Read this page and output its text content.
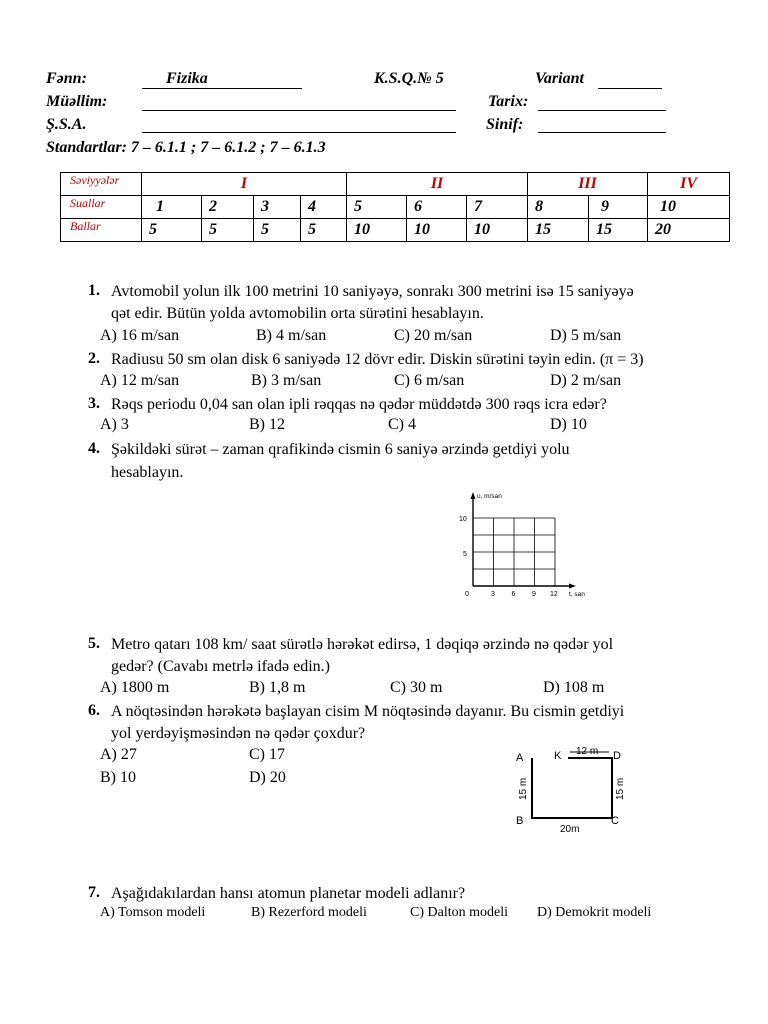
Fənn:	Fizika	K.S.Q.№ 5	Variant
Müəllim:	Tarix:
Ş.S.A.	Sinif:
Standartlar: 7 – 6.1.1 ; 7 – 6.1.2 ; 7 – 6.1.3
Səviyyələr	I				II			III		IV
Suallar	1	2	3	4	5	6	7	8	9	10
Ballar	5	5	5	5	10	10	10	15	15	20
1. Avtomobil yolun ilk 100 metrini 10 saniyəyə, sonrakı 300 metrini isə 15 saniyəyə
qət edir. Bütün yolda avtomobilin orta sürətini hesablayın.
A) 16 m/san	B) 4 m/san	C) 20 m/san	D) 5 m/san
2. Radiusu 50 sm olan disk 6 saniyədə 12 dövr edir. Diskin sürətini təyin edin. (π = 3)
A) 12 m/san	B) 3 m/san	C) 6 m/san	D) 2 m/san
3. Rəqs periodu 0,04 san olan ipli rəqqas nə qədər müddətdə 300 rəqs icra edər?
A) 3	B) 12	C) 4	D) 10
4. Şəkildəki sürət – zaman qrafikində cismin 6 saniyə ərzində getdiyi yolu
hesablayın.
υ, m/san
t, san
10
5
0	3 6 9 12
5. Metro qatarı 108 km/ saat sürətlə hərəkət edirsə, 1 dəqiqə ərzində nə qədər yol
gedər? (Cavabı metrlə ifadə edin.)
A) 1800 m	B) 1,8 m	C) 30 m	D) 108 m
6. A nöqtəsindən hərəkətə başlayan cisim M nöqtəsində dayanır. Bu cismin getdiyi
yol yerdəyişməsindən nə qədər çoxdur?
A) 27	C) 17
B) 10	D) 20
A
B	C
D
K 12 m
20m
15 m	15 m
7. Aşağıdakılardan hansı atomun planetar modeli adlanır?
A) Tomson modeli	B) Rezerford modeli	C) Dalton modeli D) Demokrit modeli
